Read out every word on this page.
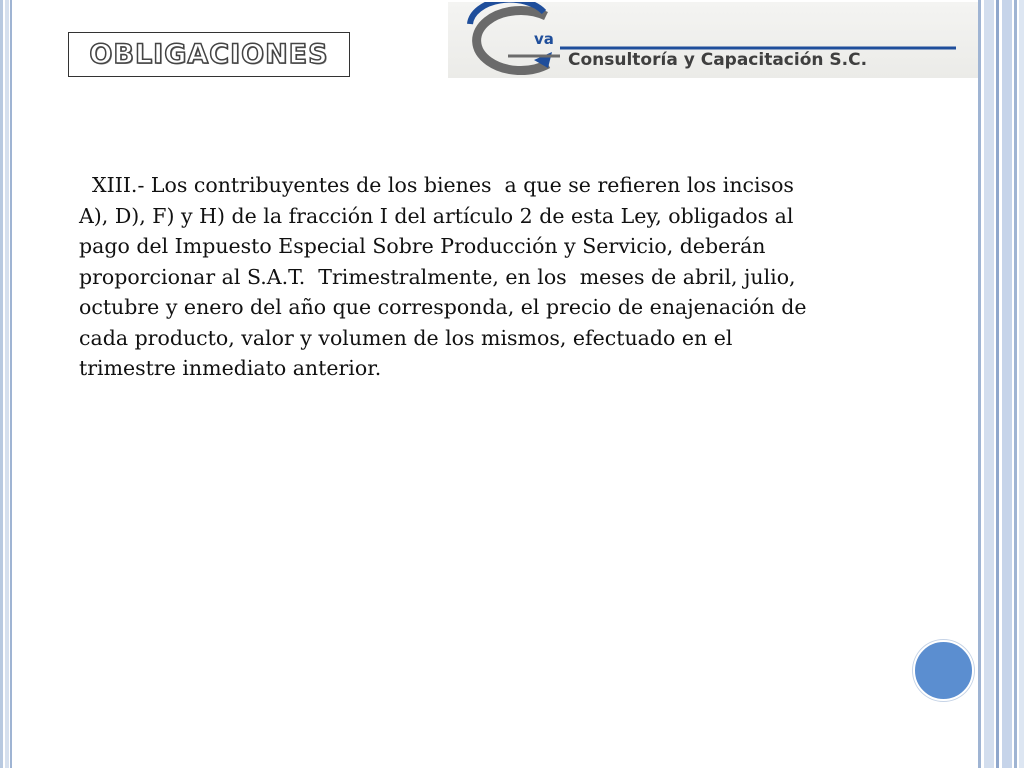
OBLIGACIONES	va
Consultoría y Capacitación S.C.
XIII.- Los contribuyentes de los bienes  a que se refieren los incisos
A), D), F) y H) de la fracción I del artículo 2 de esta Ley, obligados al
pago del Impuesto Especial Sobre Producción y Servicio, deberán
proporcionar al S.A.T.  Trimestralmente, en los  meses de abril, julio,
octubre y enero del año que corresponda, el precio de enajenación de
cada producto, valor y volumen de los mismos, efectuado en el
trimestre inmediato anterior.
